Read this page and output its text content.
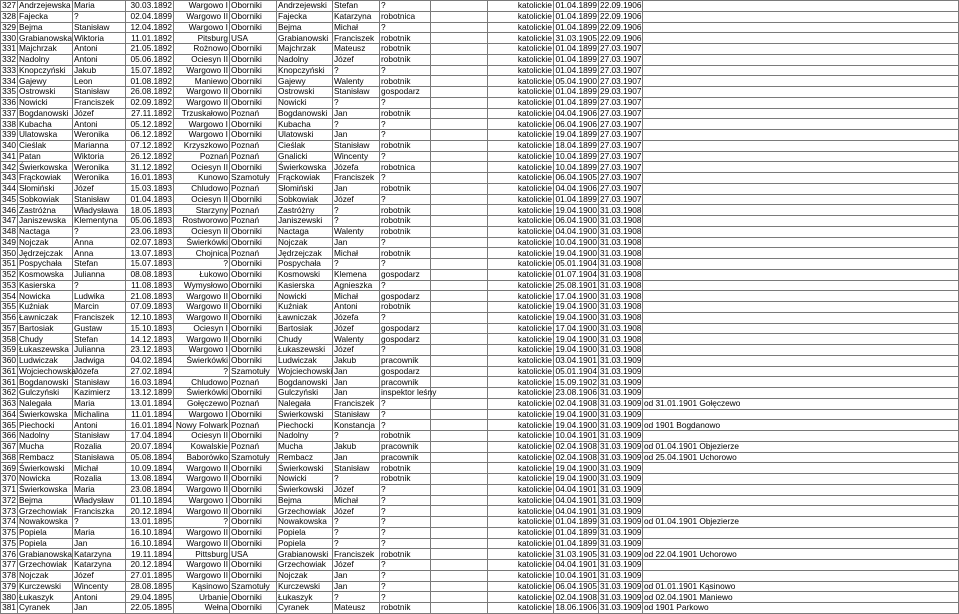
327	Andrzejewska	Maria		30.03.1892	Wargowo I	Oborniki	Andrzejewski	Stefan	?		katolickie	01.04.1899	22.09.1906	
328	Fajecka	?		02.04.1899	Wargowo II	Oborniki	Fajecka	Katarzyna	robotnica		katolickie	01.04.1899	22.09.1906	
329	Bejma	Stanisław		12.04.1892	Wargowo I	Oborniki	Bejma	Michał	?		katolickie	01.04.1899	22.09.1906	
330	Grabianowska	Wiktoria		11.01.1892	Pitsburg	USA	Grabianowski	Franciszek	robotnik		katolickie	31.03.1905	22.09.1906	
331	Majchrzak	Antoni		21.05.1892	Rożnowo	Oborniki	Majchrzak	Mateusz	robotnik		katolickie	01.04.1899	27.03.1907	
332	Nadolny	Antoni		05.06.1892	Ociesyn II	Oborniki	Nadolny	Józef	robotnik		katolickie	01.04.1899	27.03.1907	
333	Knopczyński	Jakub		15.07.1892	Wargowo II	Oborniki	Knopczyński	?	?		katolickie	01.04.1899	27.03.1907	
334	Gajewy	Leon		01.08.1892	Maniewo	Oborniki	Gajewy	Walenty	robotnik		katolickie	05.04.1900	27.03.1907	
335	Ostrowski	Stanisław		26.08.1892	Wargowo II	Oborniki	Ostrowski	Stanisław	gospodarz		katolickie	01.04.1899	29.03.1907	
336	Nowicki	Franciszek		02.09.1892	Wargowo II	Oborniki	Nowicki	?	?		katolickie	01.04.1899	27.03.1907	
337	Bogdanowski	Józef		27.11.1892	Trzuskałowo	Poznań	Bogdanowski	Jan	robotnik		katolickie	04.04.1906	27.03.1907	
338	Kubacha	Antoni		05.12.1892	Wargowo I	Oborniki	Kubacha	?	?		katolickie	06.04.1906	27.03.1907	
339	Ulatowska	Weronika		06.12.1892	Wargowo I	Oborniki	Ulatowski	Jan	?		katolickie	19.04.1899	27.03.1907	
340	Cieślak	Marianna		07.12.1892	Krzyszkowo	Poznań	Cieślak	Stanisław	robotnik		katolickie	18.04.1899	27.03.1907	
341	Patan	Wiktoria		26.12.1892	Poznań	Poznań	Gnalicki	Wincenty	?		katolickie	10.04.1899	27.03.1907	
342	Świerkowska	Weronika		31.12.1892	Ociesyn II	Oborniki	Świerkowska	Józefa	robotnica		katolickie	10.04.1899	27.03.1907	
343	Frąckowiak	Weronika		16.01.1893	Kunowo	Szamotuły	Frąckowiak	Franciszek	?		katolickie	06.04.1905	27.03.1907	
344	Słomiński	Józef		15.03.1893	Chludowo	Poznań	Słomiński	Jan	robotnik		katolickie	04.04.1906	27.03.1907	
345	Sobkowiak	Stanisław		01.04.1893	Ociesyn II	Oborniki	Sobkowiak	Józef	?		katolickie	01.04.1899	27.03.1907	
346	Zastróżna	Władysława		18.05.1893	Starzyny	Poznań	Zastróżny	?	robotnik		katolickie	19.04.1900	31.03.1908	
347	Janiszewska	Klementyna		05.06.1893	Rostworowo	Poznań	Janiszewski	?	robotnik		katolickie	06.04.1900	31.03.1908	
348	Nactaga	?		23.06.1893	Ociesyn II	Oborniki	Nactaga	Walenty	robotnik		katolickie	04.04.1900	31.03.1908	
349	Nojczak	Anna		02.07.1893	Świerkówki	Oborniki	Nojczak	Jan	?		katolickie	10.04.1900	31.03.1908	
350	Jędrzejczak	Anna		13.07.1893	Chojnica	Poznań	Jędrzejczak	Michał	robotnik		katolickie	19.04.1900	31.03.1908	
351	Pospychała	Stefan		15.07.1893	?	Oborniki	Pospychała	?	?		katolickie	05.01.1904	31.03.1908	
352	Kosmowska	Julianna		08.08.1893	Łukowo	Oborniki	Kosmowski	Klemena	gospodarz		katolickie	01.07.1904	31.03.1908	
353	Kasierska	?		11.08.1893	Wymysłowo	Oborniki	Kasierska	Agnieszka	?		katolickie	25.08.1901	31.03.1908	
354	Nowicka	Ludwika		21.08.1893	Wargowo II	Oborniki	Nowicki	Michał	gospodarz		katolickie	17.04.1900	31.03.1908	
355	Kuźniak	Marcin		07.09.1893	Wargowo II	Oborniki	Kuźniak	Antoni	robotnik		katolickie	19.04.1900	31.03.1908	
356	Ławniczak	Franciszek		12.10.1893	Wargowo II	Oborniki	Ławniczak	Józefa	?		katolickie	19.04.1900	31.03.1908	
357	Bartosiak	Gustaw		15.10.1893	Ociesyn I	Oborniki	Bartosiak	Józef	gospodarz		katolickie	17.04.1900	31.03.1908	
358	Chudy	Stefan		14.12.1893	Wargowo II	Oborniki	Chudy	Walenty	gospodarz		katolickie	19.04.1900	31.03.1908	
359	Łukaszewska	Julianna		23.12.1893	Wargowo I	Oborniki	Łukaszewski	Józef	?		katolickie	19.04.1900	31.03.1908	
360	Ludwiczak	Jadwiga		04.02.1894	Świerkówki	Oborniki	Ludwiczak	Jakub	pracownik		katolickie	03.04.1901	31.03.1909	
361	Wojciechowska	Józefa		27.02.1894	?	Szamotuły	Wojciechowski	Jan	gospodarz		katolickie	05.01.1904	31.03.1909	
361	Bogdanowski	Stanisław		16.03.1894	Chludowo	Poznań	Bogdanowski	Jan	pracownik		katolickie	15.09.1902	31.03.1909	
362	Gulczyński	Kazimierz		13.12.1899	Świerkówki	Oborniki	Gulczyński	Jan	inspektor leśny		katolickie	23.08.1906	31.03.1909	
363	Nalegała	Maria		13.01.1894	Gołęczewo	Poznań	Nalegała	Franciszek	?		katolickie	02.04.1908	31.03.1909	od 31.01.1901 Gołęczewo
364	Świerkowska	Michalina		11.01.1894	Wargowo I	Oborniki	Świerkowski	Stanisław	?		katolickie	19.04.1900	31.03.1909	
365	Piechocki	Antoni		16.01.1894	Nowy Folwark	Poznań	Piechocki	Konstancja	?		katolickie	19.04.1900	31.03.1909	od 1901 Bogdanowo
366	Nadolny	Stanisław		17.04.1894	Ociesyn II	Oborniki	Nadolny	?	robotnik		katolickie	10.04.1901	31.03.1909	
367	Mucha	Rozalia		20.07.1894	Kowalskie	Poznań	Mucha	Jakub	pracownik		katolickie	02.04.1908	31.03.1909	od 01.04.1901 Objezierze
368	Rembacz	Stanisława		05.08.1894	Baborówko	Szamotuły	Rembacz	Jan	pracownik		katolickie	02.04.1908	31.03.1909	od 25.04.1901 Uchorowo
369	Świerkowski	Michał		10.09.1894	Wargowo II	Oborniki	Świerkowski	Stanisław	robotnik		katolickie	19.04.1900	31.03.1909	
370	Nowicka	Rozalia		13.08.1894	Wargowo II	Oborniki	Nowicki	?	robotnik		katolickie	19.04.1900	31.03.1909	
371	Świerkowska	Maria		23.08.1894	Wargowo II	Oborniki	Świerkowski	Józef	?		katolickie	04.04.1901	31.03.1909	
372	Bejma	Władysław		01.10.1894	Wargowo I	Oborniki	Bejma	Michał	?		katolickie	04.04.1901	31.03.1909	
373	Grzechowiak	Franciszka		20.12.1894	Wargowo II	Oborniki	Grzechowiak	Józef	?		katolickie	04.04.1901	31.03.1909	
374	Nowakowska	?		13.01.1895	?	Oborniki	Nowakowska	?	?		katolickie	01.04.1899	31.03.1909	od 01.04.1901 Objezierze
375	Popiela	Maria		16.10.1894	Wargowo II	Oborniki	Popiela	?	?		katolickie	01.04.1899	31.03.1909	
375	Popiela	Jan		16.10.1894	Wargowo II	Oborniki	Popiela	?	?		katolickie	01.04.1899	31.03.1909	
376	Grabianowska	Katarzyna		19.11.1894	Pittsburg	USA	Grabianowski	Franciszek	robotnik		katolickie	31.03.1905	31.03.1909	od 22.04.1901 Uchorowo
377	Grzechowiak	Katarzyna		20.12.1894	Wargowo II	Oborniki	Grzechowiak	Józef	?		katolickie	04.04.1901	31.03.1909	
378	Nojczak	Józef		27.01.1895	Wargowo II	Oborniki	Nojczak	Jan	?		katolickie	10.04.1901	31.03.1909	
379	Kurczewski	Wincenty		28.08.1895	Kąsinowo	Szamotuły	Kurczewski	Jan	?		katolickie	06.04.1905	31.03.1909	od 01.01.1901 Kąsinowo
380	Łukaszyk	Antoni		29.04.1895	Urbanie	Oborniki	Łukaszyk	?	?		katolickie	02.04.1908	31.03.1909	od 02.04.1901 Maniewo
381	Cyranek	Jan		22.05.1895	Wełna	Oborniki	Cyranek	Mateusz	robotnik		katolickie	18.06.1906	31.03.1909	od 1901 Parkowo
